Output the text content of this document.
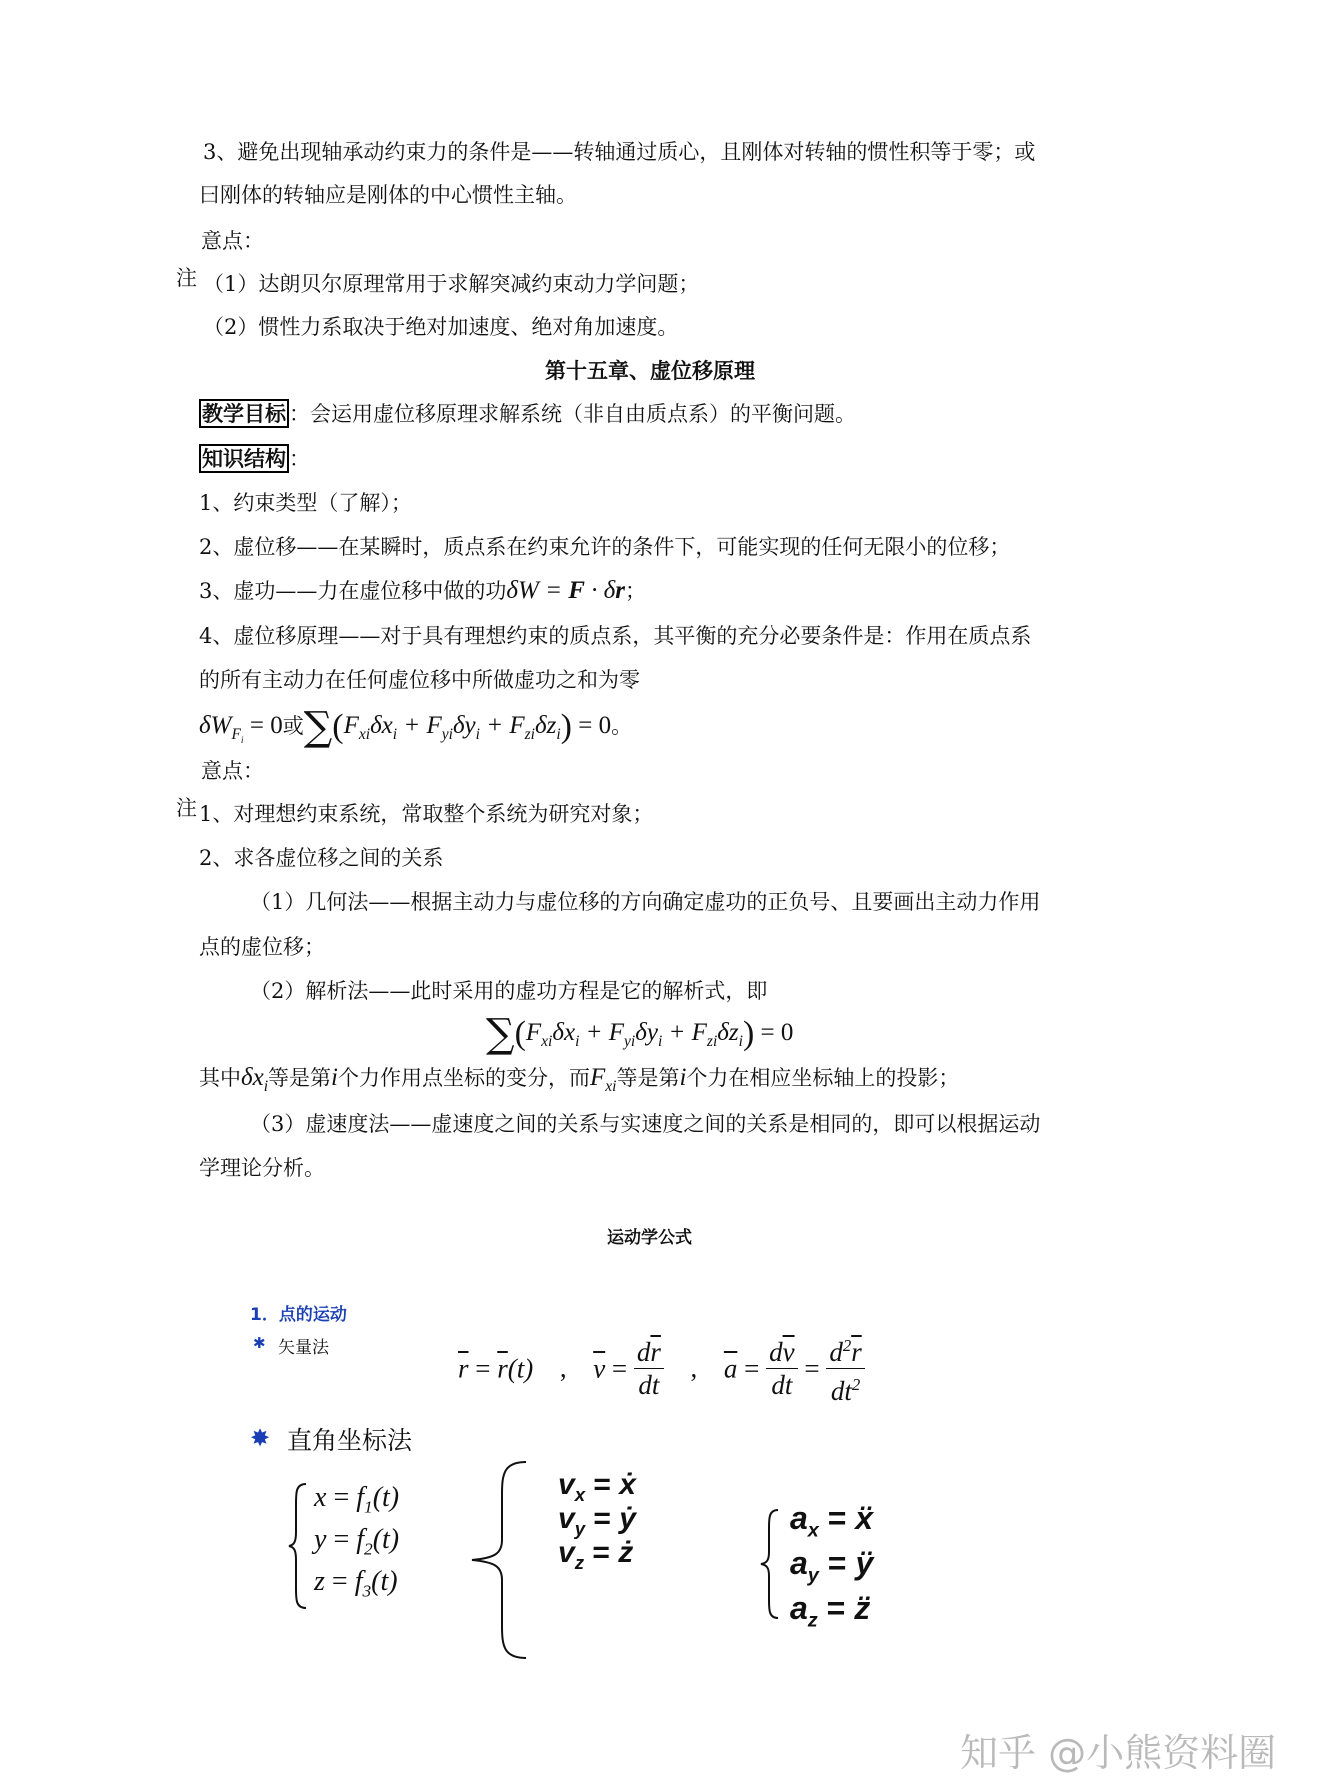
3、避免出现轴承动约束力的条件是——转轴通过质心，且刚体对转轴的惯性积等于零；或
曰刚体的转轴应是刚体的中心惯性主轴。
意点：
注 （1）达朗贝尔原理常用于求解突减约束动力学问题；
（2）惯性力系取决于绝对加速度、绝对角加速度。
第十五章、虚位移原理
教学目标 ：会运用虚位移原理求解系统（非自由质点系）的平衡问题。
知识结构 ：
1、约束类型（了解）；
2、虚位移——在某瞬时，质点系在约束允许的条件下，可能实现的任何无限小的位移；
3、虚功——力在虚位移中做的功δW = F · δr；
4、虚位移原理——对于具有理想约束的质点系，其平衡的充分必要条件是：作用在质点系
的所有主动力在任何虚位移中所做虚功之和为零
$\delta W_{F_i} = 0$或$\sum(F_{xi}\delta x_i + F_{yi}\delta y_i + F_{zi}\delta z_i) = 0$。
意点：
注 1、对理想约束系统，常取整个系统为研究对象；
2、求各虚位移之间的关系
（1）几何法——根据主动力与虚位移的方向确定虚功的正负号、且要画出主动力作用
点的虚位移；
（2）解析法——此时采用的虚功方程是它的解析式，即
$\sum(F_{xi}\delta x_i + F_{yi}\delta y_i + F_{zi}\delta z_i) = 0$
其中$\delta x_i$等是第i个力作用点坐标的变分，而$F_{xi}$等是第i个力在相应坐标轴上的投影；
（3）虚速度法——虚速度之间的关系与实速度之间的关系是相同的，即可以根据运动
学理论分析。
运动学公式
1．点的运动
✱ 矢量法
$\overline{r} = \overline{r}(t)$ , $\overline{v} = \frac{d\overline{r}}{dt}$ , $\overline{a} = \frac{d\overline{v}}{dt} = \frac{d^2\overline{r}}{dt^2}$
✸ 直角坐标法
$x = f_1(t)$
$y = f_2(t)$
$z = f_3(t)$
$v_x$ = ẋ
$v_y$ = ẏ
$v_z$ = ż
$a_x$ = ẍ
$a_y$ = ÿ
$a_z$ = z̈
知乎 @小熊资料圈
